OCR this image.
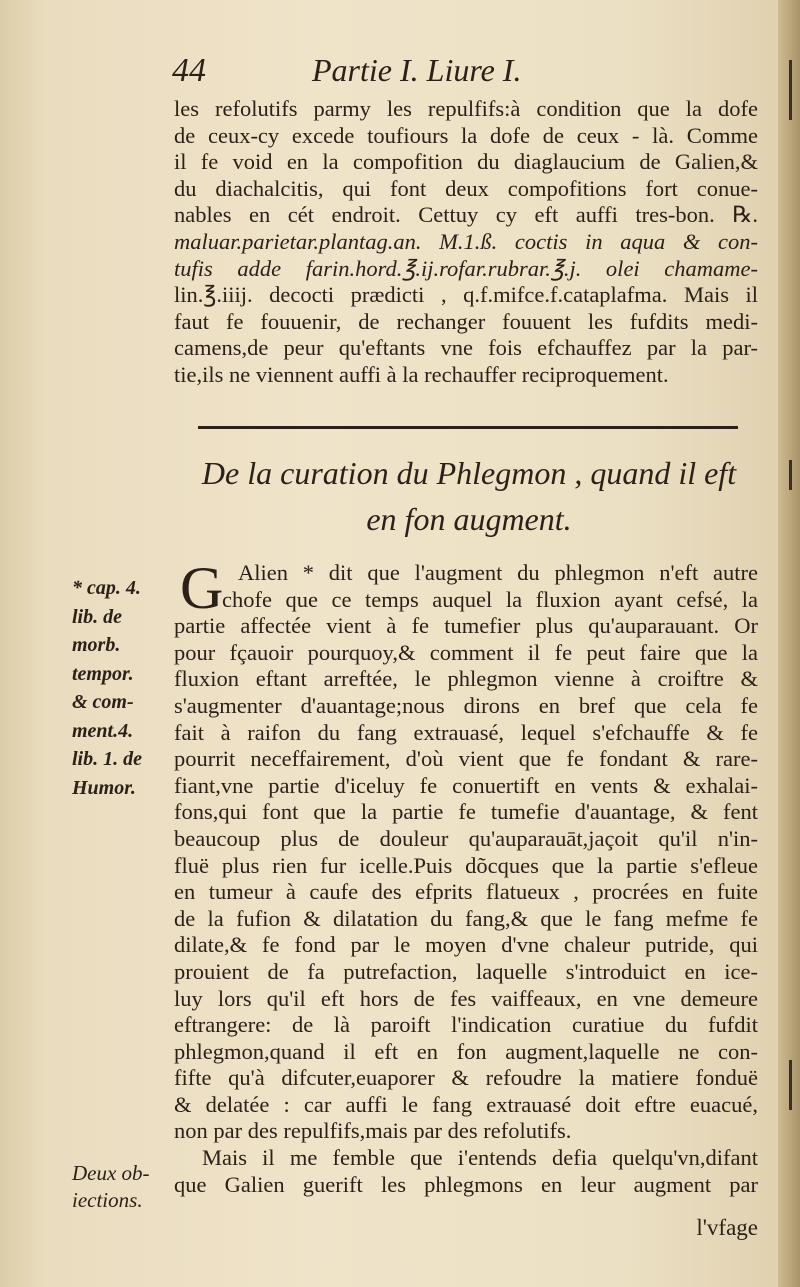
44	Partie I. Liure I.
les refolutifs parmy les repulfifs:à condition que la dofe
de ceux-cy excede toufiours la dofe de ceux - là. Comme
il fe void en la compofition du diaglaucium de Galien,&
du diachalcitis, qui font deux compofitions fort conue-
nables en cét endroit. Cettuy cy eft auffi tres-bon. ℞.
maluar.parietar.plantag.an. M.1.ß. coctis in aqua & con-
tufis adde farin.hord.℥.ij.rofar.rubrar.℥.j. olei chamame-
lin.℥.iiij. decocti prædicti , q.f.mifce.f.cataplafma. Mais il
faut fe fouuenir, de rechanger fouuent les fufdits medi-
camens,de peur qu'eftants vne fois efchauffez par la par-
tie,ils ne viennent auffi à la rechauffer reciproquement.
De la curation du Phlegmon , quand il eft
en fon augment.
G Alien * dit que l'augment du phlegmon n'eft autre
chofe que ce temps auquel la fluxion ayant cefsé, la
partie affectée vient à fe tumefier plus qu'auparauant. Or
pour fçauoir pourquoy,& comment il fe peut faire que la
fluxion eftant arreftée, le phlegmon vienne à croiftre &
s'augmenter d'auantage;nous dirons en bref que cela fe
fait à raifon du fang extrauasé, lequel s'efchauffe & fe
pourrit neceffairement, d'où vient que fe fondant & rare-
fiant,vne partie d'iceluy fe conuertift en vents & exhalai-
fons,qui font que la partie fe tumefie d'auantage, & fent
beaucoup plus de douleur qu'auparauāt,jaçoit qu'il n'in-
fluë plus rien fur icelle.Puis dõcques que la partie s'efleue
en tumeur à caufe des efprits flatueux , procrées en fuite
de la fufion & dilatation du fang,& que le fang mefme fe
dilate,& fe fond par le moyen d'vne chaleur putride, qui
prouient de fa putrefaction, laquelle s'introduict en ice-
luy lors qu'il eft hors de fes vaiffeaux, en vne demeure
eftrangere: de là paroift l'indication curatiue du fufdit
phlegmon,quand il eft en fon augment,laquelle ne con-
fifte qu'à difcuter,euaporer & refoudre la matiere fonduë
& delatée : car auffi le fang extrauasé doit eftre euacué,
non par des repulfifs,mais par des refolutifs.
Mais il me femble que i'entends defia quelqu'vn,difant
que Galien guerift les phlegmons en leur augment par
l'vfage
* cap. 4.
lib. de
morb.
tempor.
& com-
ment.4.
lib. 1. de
Humor.
Deux ob-
iections.
